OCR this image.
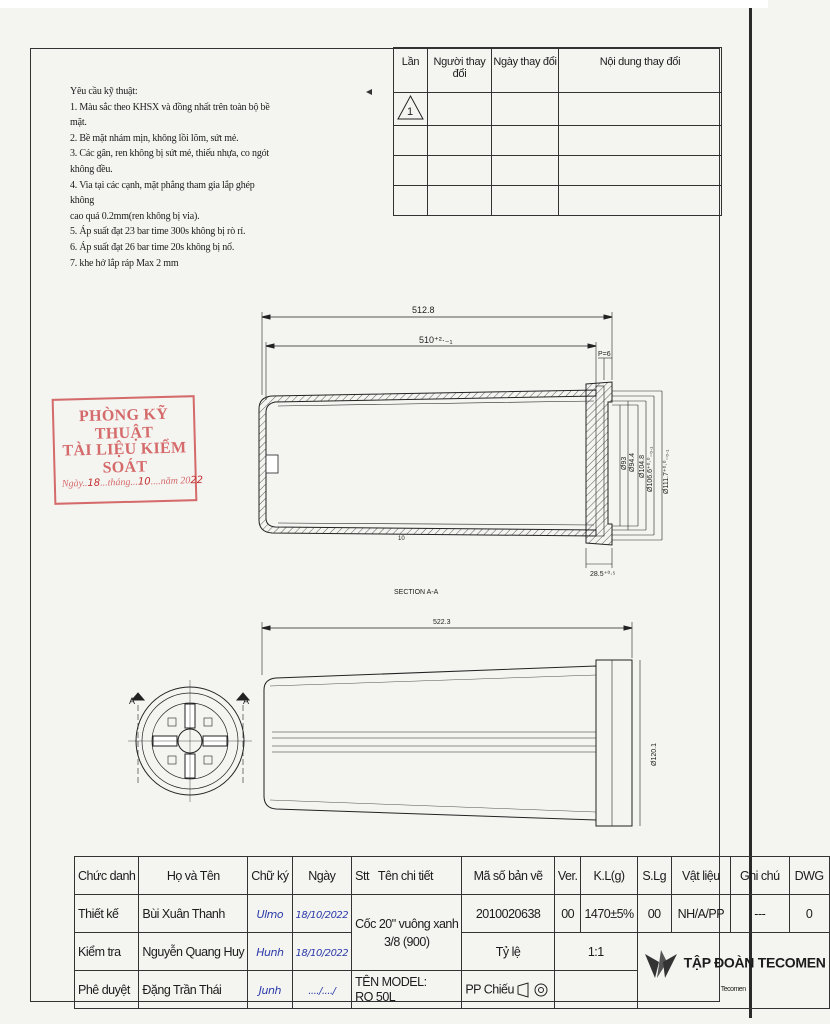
Yêu cầu kỹ thuật:
1. Màu sắc theo KHSX và đồng nhất trên toàn bộ bề
mặt.
2. Bề mặt nhám mịn, không lồi lõm, sứt mẻ.
3. Các gân, ren không bị sứt mẻ, thiếu nhựa, co ngót
không đều.
4. Via tại các cạnh, mặt phẳng tham gia lắp ghép không
cao quá 0.2mm(ren không bị via).
5. Áp suất đạt 23 bar time 300s không bị rò rỉ.
6. Áp suất đạt 26 bar time 20s không bị nổ.
7. khe hở lắp ráp Max 2 mm
Lần	Người thay đổi	Ngày thay đổi	Nội dung thay đổi

1			

PHÒNG KỸ THUẬT
TÀI LIỆU KIỂM SOÁT
Ngày..18...tháng...10....năm 2022
512.8
510⁺²·₋₁
P=6
10
Ø93 Ø94.4 Ø104.8 Ø106.6⁺⁰·⁰₋₀.₁ Ø111.7⁺⁰·⁰₋₀.₁
28.5⁺⁰·⁵
SECTION A-A
A	A
522.3
Ø120.1
Chức danh	Họ và Tên	Chữ ký	Ngày	Stt Tên chi tiết	Mã số bản vẽ	Ver.	K.L(g)	S.Lg	Vật liệu	Ghi chú	DWG
Thiết kế	Bùi Xuân Thanh	Ulmo	18/10/2022	Cốc 20" vuông xanh
3/8 (900)	2010020638	00	1470±5%	00	NH/A/PP	---	0
Kiểm tra	Nguyễn Quang Huy	Hunh	18/10/2022		Tỷ lệ	1:1		TẬP ĐOÀN TECOMEN
Tecomen			
Phê duyệt	Đặng Trần Thái	Junh	..../..../	TÊN MODEL:
RO 50L	PP Chiếu						
